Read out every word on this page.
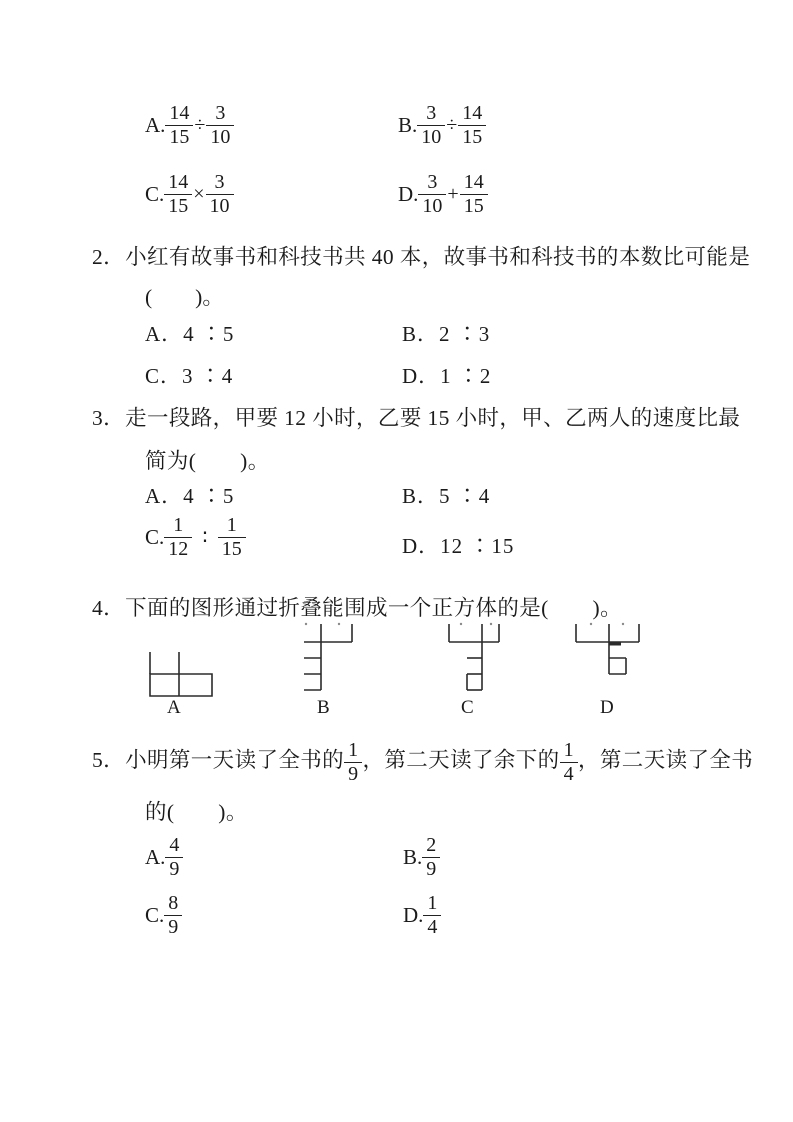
A. $\frac{14}{15} \div \frac{3}{10}$	B. $\frac{3}{10} \div \frac{14}{15}$
C. $\frac{14}{15} \times \frac{3}{10}$	D. $\frac{3}{10} + \frac{14}{15}$
2．小红有故事书和科技书共 40 本，故事书和科技书的本数比可能是
(　　)。
A．4 ∶5	B．2 ∶3
C．3 ∶4	D．1 ∶2
3．走一段路，甲要 12 小时，乙要 15 小时，甲、乙两人的速度比最
简为(　　)。
A．4 ∶5	B．5 ∶4
C. $\frac{1}{12}$ ∶ $\frac{1}{15}$	D．12 ∶15
4．下面的图形通过折叠能围成一个正方体的是(　　)。
A	B	C	D
5．小明第一天读了全书的 $\frac{1}{9}$ ，第二天读了余下的 $\frac{1}{4}$ ，第二天读了全书
的(　　)。
A. $\frac{4}{9}$	B. $\frac{2}{9}$
C. $\frac{8}{9}$	D. $\frac{1}{4}$
